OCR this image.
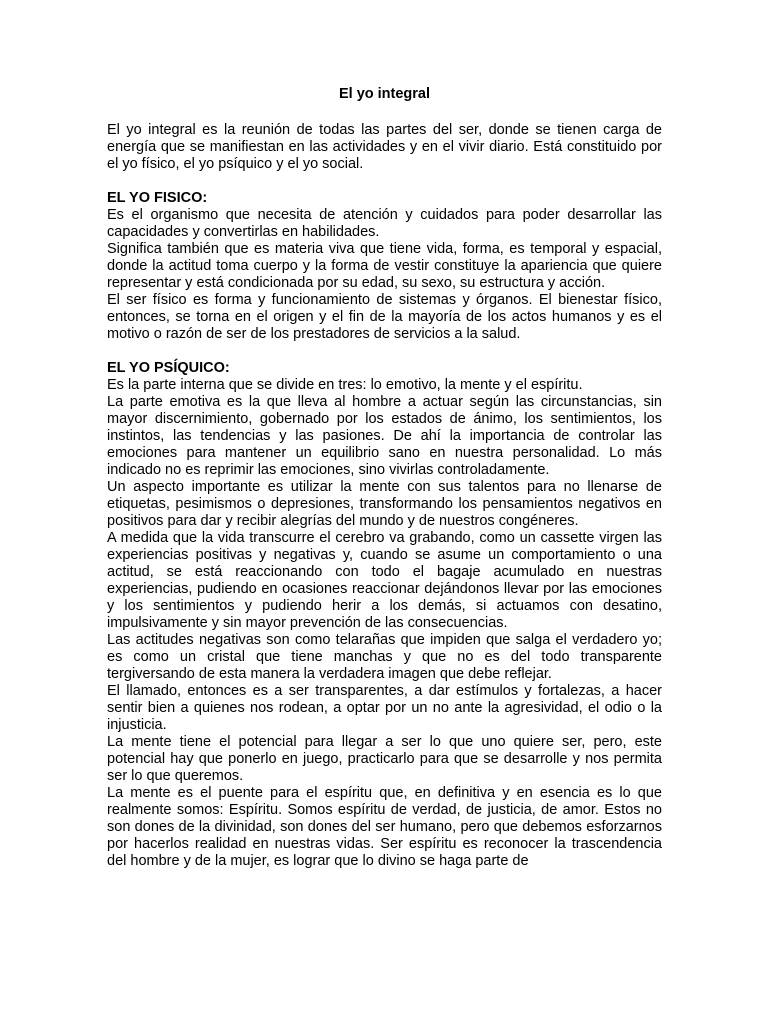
El yo integral

El yo integral es la reunión de todas las partes del ser, donde se tienen carga de energía que se manifiestan en las actividades y en el vivir diario. Está constituido por el yo físico, el yo psíquico y el yo social.

EL YO FISICO:

Es el organismo que necesita de atención y cuidados para poder desarrollar las capacidades y convertirlas en habilidades.

Significa también que es materia viva que tiene vida, forma, es temporal y espacial, donde la actitud toma cuerpo y la forma de vestir constituye la apariencia que quiere representar y está condicionada por su edad, su sexo, su estructura y acción.

El ser físico es forma y funcionamiento de sistemas y órganos. El bienestar físico, entonces, se torna en el origen y el fin de la mayoría de los actos humanos y es el motivo o razón de ser de los prestadores de servicios a la salud.

EL YO PSÍQUICO:

Es la parte interna que se divide en tres: lo emotivo, la mente y el espíritu.

La parte emotiva es la que lleva al hombre a actuar según las circunstancias, sin mayor discernimiento, gobernado por los estados de ánimo, los sentimientos, los instintos, las tendencias y las pasiones. De ahí la importancia de controlar las emociones para mantener un equilibrio sano en nuestra personalidad. Lo más indicado no es reprimir las emociones, sino vivirlas controladamente.

Un aspecto importante es utilizar la mente con sus talentos para no llenarse de etiquetas, pesimismos o depresiones, transformando los pensamientos negativos en positivos para dar y recibir alegrías del mundo y de nuestros congéneres.

A medida que la vida transcurre el cerebro va grabando, como un cassette virgen las experiencias positivas y negativas y, cuando se asume un comportamiento o una actitud, se está reaccionando con todo el bagaje acumulado en nuestras experiencias, pudiendo en ocasiones reaccionar dejándonos llevar por las emociones y los sentimientos y pudiendo herir a los demás, si actuamos con desatino, impulsivamente y sin mayor prevención de las consecuencias.

Las actitudes negativas son como telarañas que impiden que salga el verdadero yo; es como un cristal que tiene manchas y que no es del todo transparente tergiversando de esta manera la verdadera imagen que debe reflejar.

El llamado, entonces es a ser transparentes, a dar estímulos y fortalezas, a hacer sentir bien a quienes nos rodean, a optar por un no ante la agresividad, el odio o la injusticia.

La mente tiene el potencial para llegar a ser lo que uno quiere ser, pero, este potencial hay que ponerlo en juego, practicarlo para que se desarrolle y nos permita ser lo que queremos.

La mente es el puente para el espíritu que, en definitiva y en esencia es lo que realmente somos: Espíritu. Somos espíritu de verdad, de justicia, de amor. Estos no son dones de la divinidad, son dones del ser humano, pero que debemos esforzarnos por hacerlos realidad en nuestras vidas. Ser espíritu es reconocer la trascendencia del hombre y de la mujer, es lograr que lo divino se haga parte de
